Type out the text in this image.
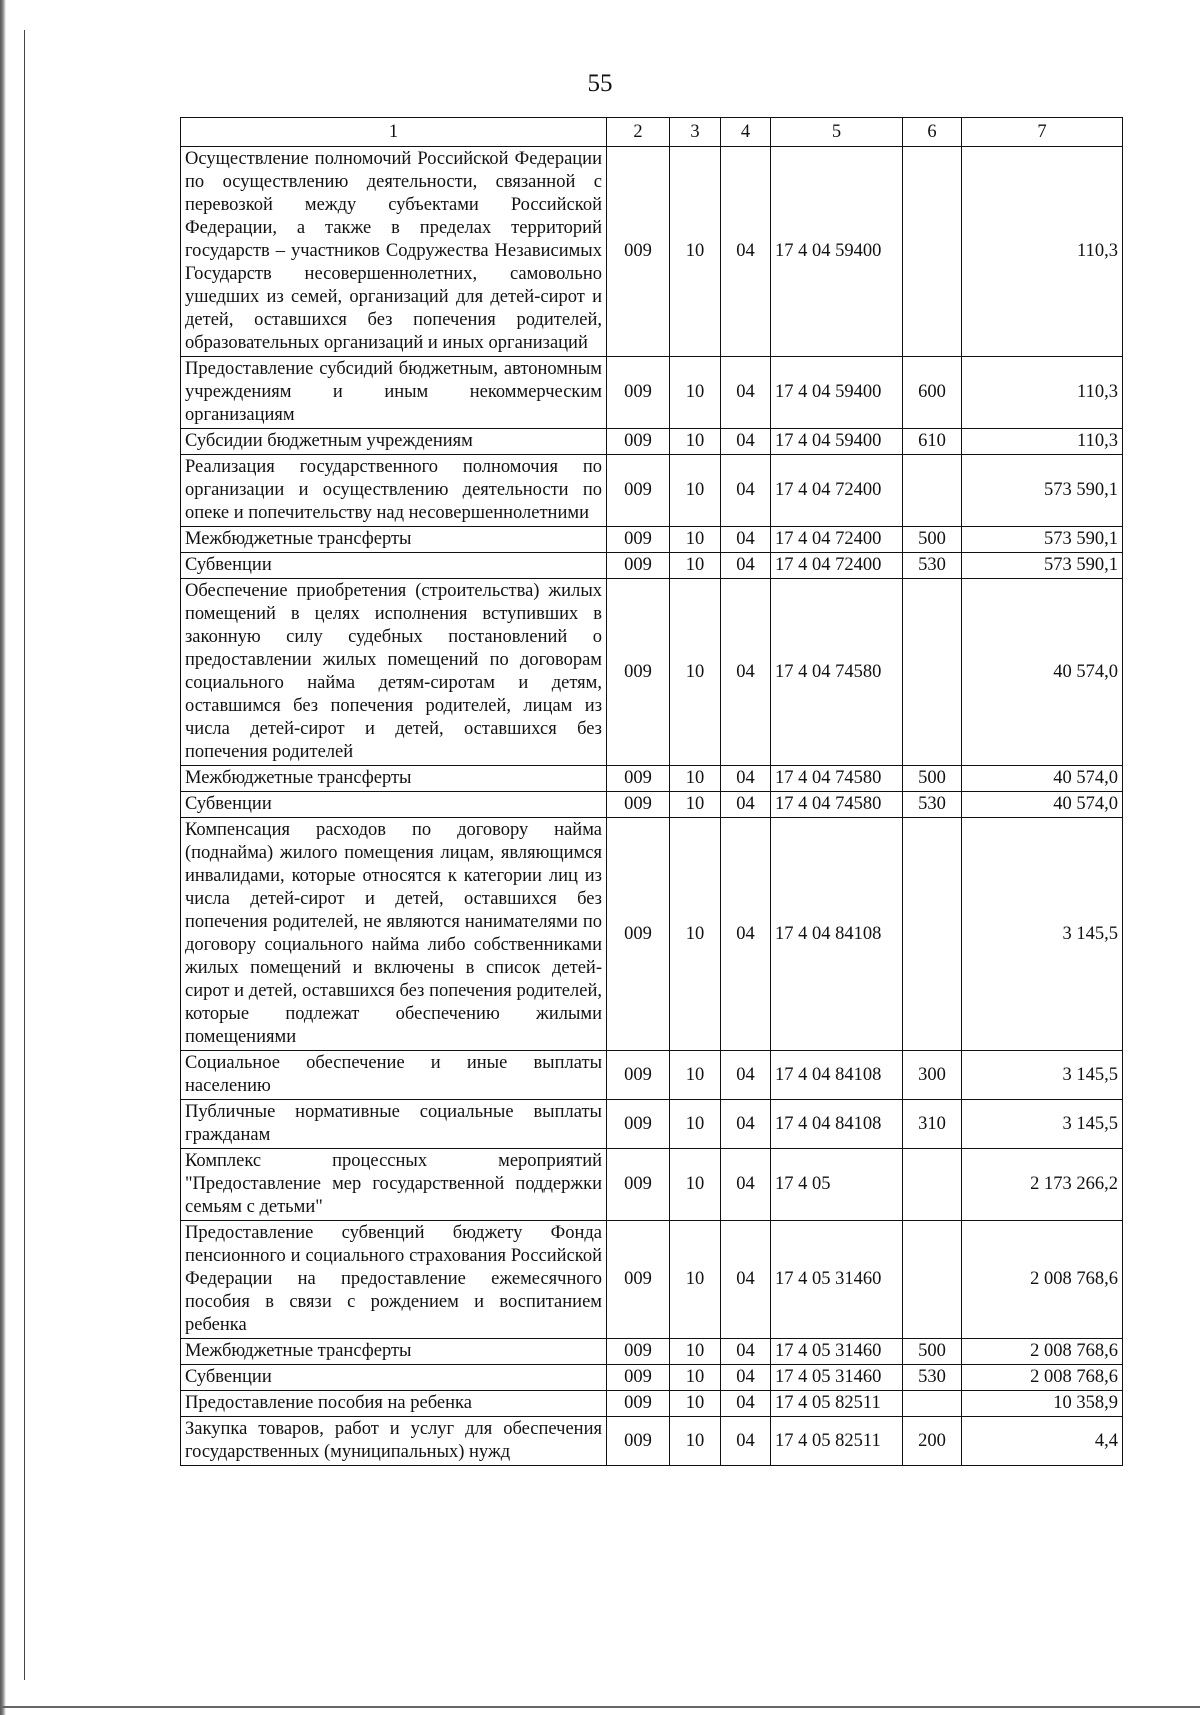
55
1	2	3	4	5	6	7
Осуществление полномочий Российской Федерации по осуществлению деятельности, связанной с перевозкой между субъектами Российской Федерации, а также в пределах территорий государств – участников Содружества Независимых Государств несовершеннолетних, самовольно ушедших из семей, организаций для детей-сирот и детей, оставшихся без попечения родителей, образовательных организаций и иных организаций	009	10	04	17 4 04 59400		110,3
Предоставление субсидий бюджетным, автономным учреждениям и иным некоммерческим организациям	009	10	04	17 4 04 59400	600	110,3
Субсидии бюджетным учреждениям	009	10	04	17 4 04 59400	610	110,3
Реализация государственного полномочия по организации и осуществлению деятельности по опеке и попечительству над несовершеннолетними	009	10	04	17 4 04 72400		573 590,1
Межбюджетные трансферты	009	10	04	17 4 04 72400	500	573 590,1
Субвенции	009	10	04	17 4 04 72400	530	573 590,1
Обеспечение приобретения (строительства) жилых помещений в целях исполнения вступивших в законную силу судебных постановлений о предоставлении жилых помещений по договорам социального найма детям-сиротам и детям, оставшимся без попечения родителей, лицам из числа детей-сирот и детей, оставшихся без попечения родителей	009	10	04	17 4 04 74580		40 574,0
Межбюджетные трансферты	009	10	04	17 4 04 74580	500	40 574,0
Субвенции	009	10	04	17 4 04 74580	530	40 574,0
Компенсация расходов по договору найма (поднайма) жилого помещения лицам, являющимся инвалидами, которые относятся к категории лиц из числа детей-сирот и детей, оставшихся без попечения родителей, не являются нанимателями по договору социального найма либо собственниками жилых помещений и включены в список детей-сирот и детей, оставшихся без попечения родителей, которые подлежат обеспечению жилыми помещениями	009	10	04	17 4 04 84108		3 145,5
Социальное обеспечение и иные выплаты населению	009	10	04	17 4 04 84108	300	3 145,5
Публичные нормативные социальные выплаты гражданам	009	10	04	17 4 04 84108	310	3 145,5
Комплекс процессных мероприятий "Предоставление мер государственной поддержки семьям с детьми"	009	10	04	17 4 05		2 173 266,2
Предоставление субвенций бюджету Фонда пенсионного и социального страхования Российской Федерации на предоставление ежемесячного пособия в связи с рождением и воспитанием ребенка	009	10	04	17 4 05 31460		2 008 768,6
Межбюджетные трансферты	009	10	04	17 4 05 31460	500	2 008 768,6
Субвенции	009	10	04	17 4 05 31460	530	2 008 768,6
Предоставление пособия на ребенка	009	10	04	17 4 05 82511		10 358,9
Закупка товаров, работ и услуг для обеспечения государственных (муниципальных) нужд	009	10	04	17 4 05 82511	200	4,4
